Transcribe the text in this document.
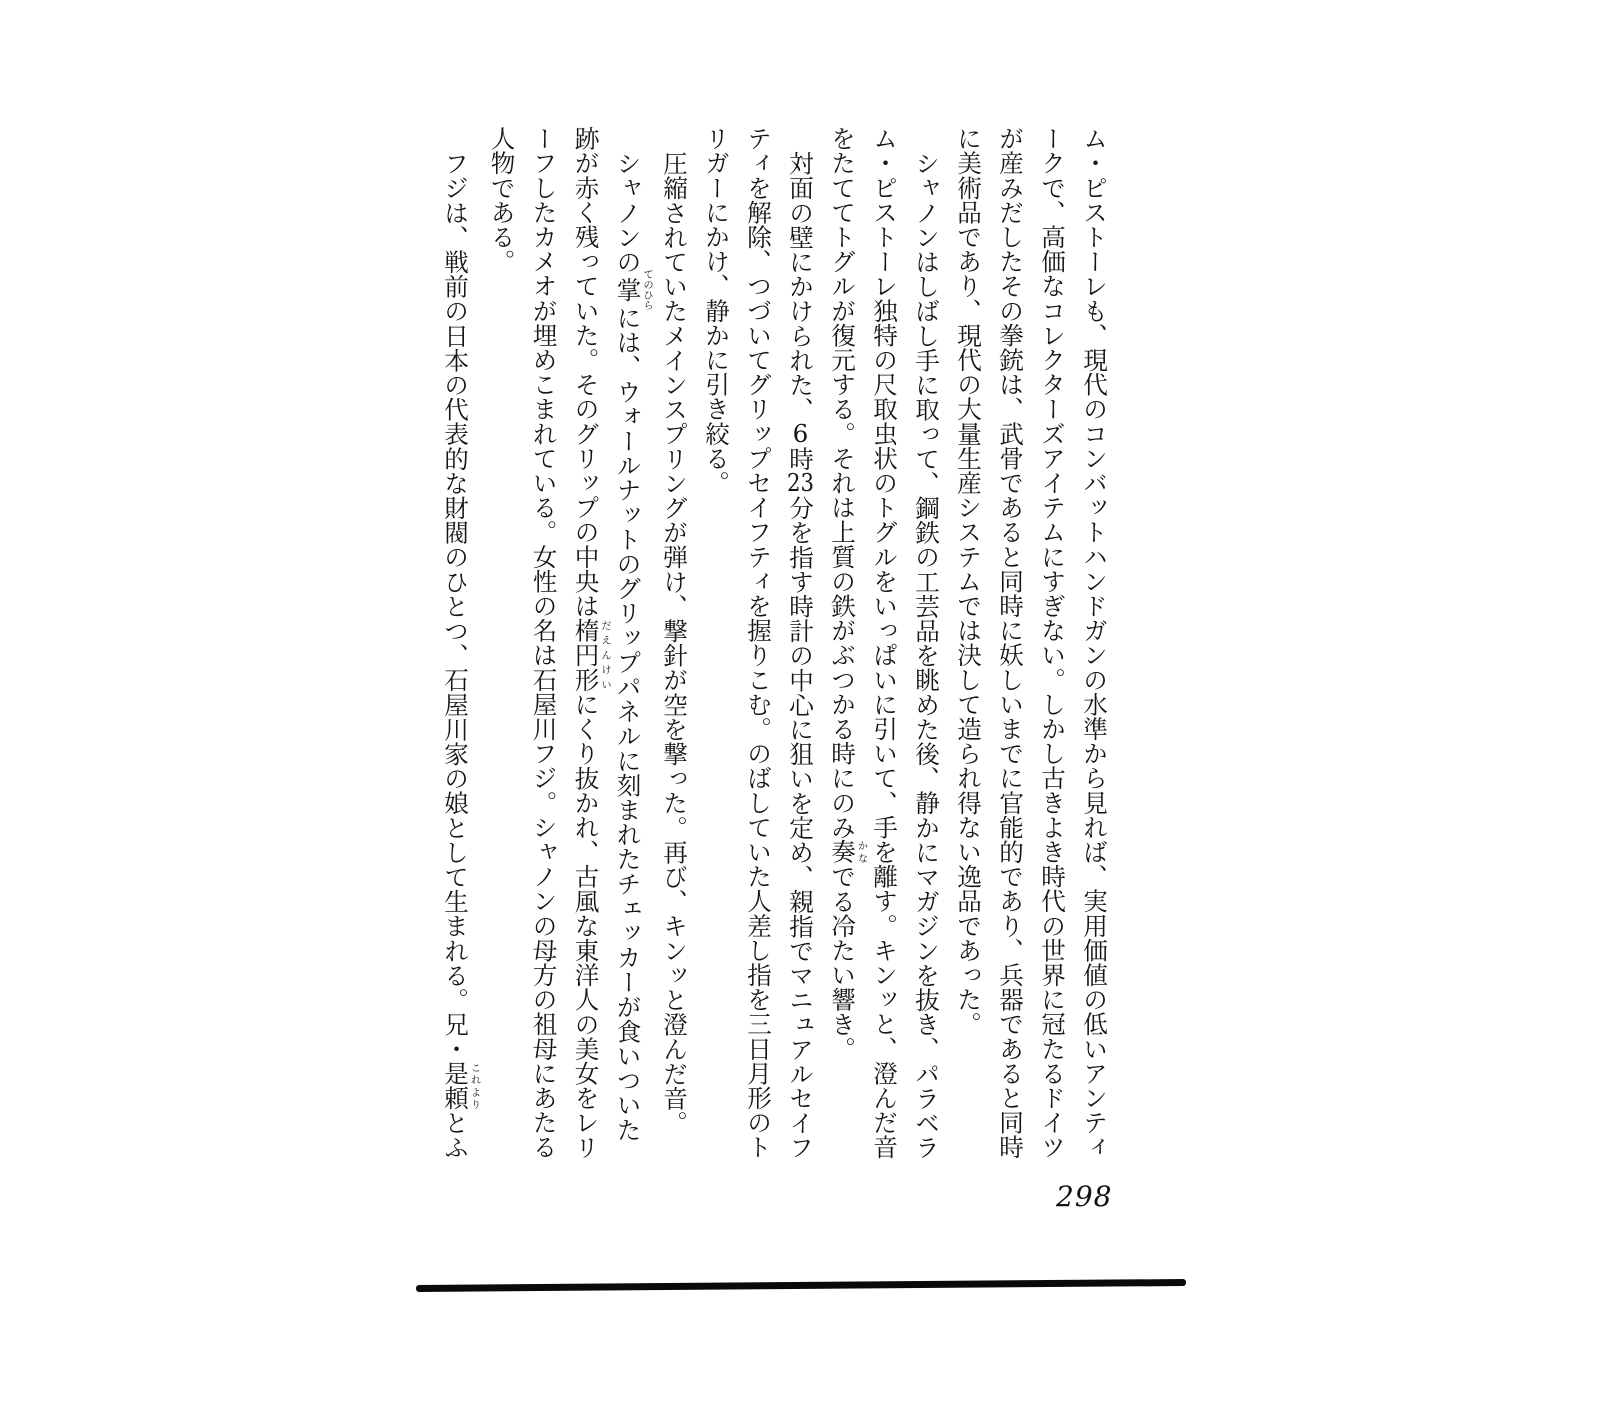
ム・ピストーレも、現代のコンバットハンドガンの水準から見れば、実用価値の低いアンティークで、高価なコレクターズアイテムにすぎない。しかし古きよき時代の世界に冠たるドイツが産みだしたその拳銃は、武骨であると同時に妖しいまでに官能的であり、兵器であると同時に美術品であり、現代の大量生産システムでは決して造られ得ない逸品であった。

シャノンはしばし手に取って、鋼鉄の工芸品を眺めた後、静かにマガジンを抜き、パラベラム・ピストーレ独特の尺取虫状のトグルをいっぱいに引いて、手を離す。キンッと、澄んだ音をたててトグルが復元する。それは上質の鉄がぶつかる時にのみ奏かなでる冷たい響き。

対面の壁にかけられた、6時23分を指す時計の中心に狙いを定め、親指でマニュアルセイフティを解除、つづいてグリップセイフティを握りこむ。のばしていた人差し指を三日月形のトリガーにかけ、静かに引き絞る。

圧縮されていたメインスプリングが弾け、撃針が空を撃った。再び、キンッと澄んだ音。

シャノンの掌てのひらには、ウォールナットのグリップパネルに刻まれたチェッカーが食いついた跡が赤く残っていた。そのグリップの中央は楕円形だえんけいにくり抜かれ、古風な東洋人の美女をレリーフしたカメオが埋めこまれている。女性の名は石屋川フジ。シャノンの母方の祖母にあたる人物である。

フジは、戦前の日本の代表的な財閥のひとつ、石屋川家の娘として生まれる。兄・是頼これよりとふ

298
